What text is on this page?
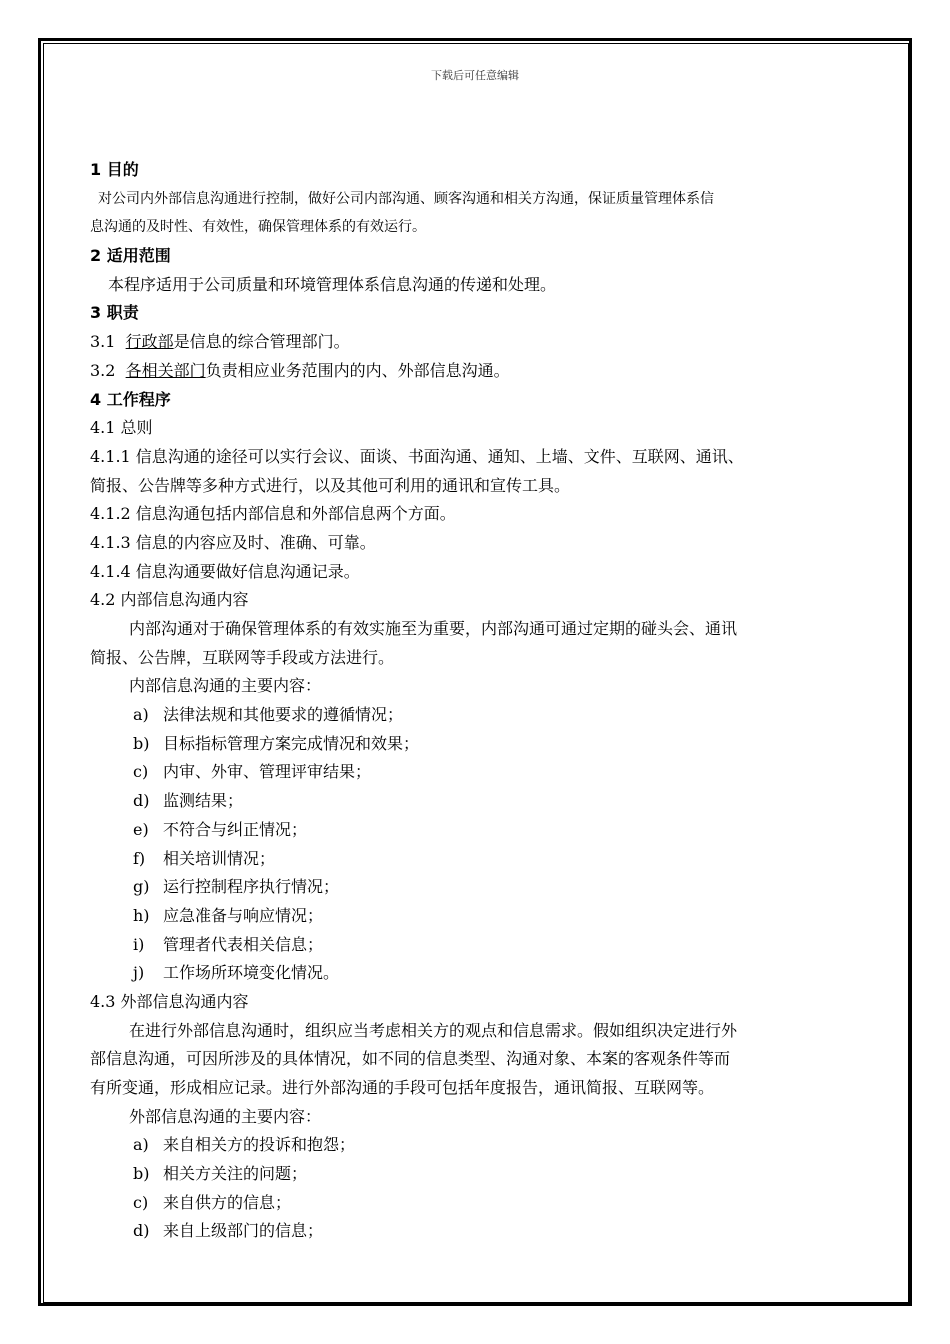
下载后可任意编辑
1 目的
对公司内外部信息沟通进行控制，做好公司内部沟通、顾客沟通和相关方沟通，保证质量管理体系信
息沟通的及时性、有效性，确保管理体系的有效运行。
2 适用范围
本程序适用于公司质量和环境管理体系信息沟通的传递和处理。
3 职责
3.1 行政部是信息的综合管理部门。
3.2 各相关部门负责相应业务范围内的内、外部信息沟通。
4 工作程序
4.1 总则
4.1.1 信息沟通的途径可以实行会议、面谈、书面沟通、通知、上墙、文件、互联网、通讯、
简报、公告牌等多种方式进行，以及其他可利用的通讯和宣传工具。
4.1.2 信息沟通包括内部信息和外部信息两个方面。
4.1.3 信息的内容应及时、准确、可靠。
4.1.4 信息沟通要做好信息沟通记录。
4.2 内部信息沟通内容
内部沟通对于确保管理体系的有效实施至为重要，内部沟通可通过定期的碰头会、通讯
简报、公告牌，互联网等手段或方法进行。
内部信息沟通的主要内容：
a) 法律法规和其他要求的遵循情况；
b) 目标指标管理方案完成情况和效果；
c) 内审、外审、管理评审结果；
d) 监测结果；
e) 不符合与纠正情况；
f)	相关培训情况；
g) 运行控制程序执行情况；
h) 应急准备与响应情况；
i)	管理者代表相关信息；
j)	工作场所环境变化情况。
4.3 外部信息沟通内容
在进行外部信息沟通时，组织应当考虑相关方的观点和信息需求。假如组织决定进行外
部信息沟通，可因所涉及的具体情况，如不同的信息类型、沟通对象、本案的客观条件等而
有所变通，形成相应记录。进行外部沟通的手段可包括年度报告，通讯简报、互联网等。
外部信息沟通的主要内容：
a) 来自相关方的投诉和抱怨；
b) 相关方关注的问题；
c) 来自供方的信息；
d) 来自上级部门的信息；
